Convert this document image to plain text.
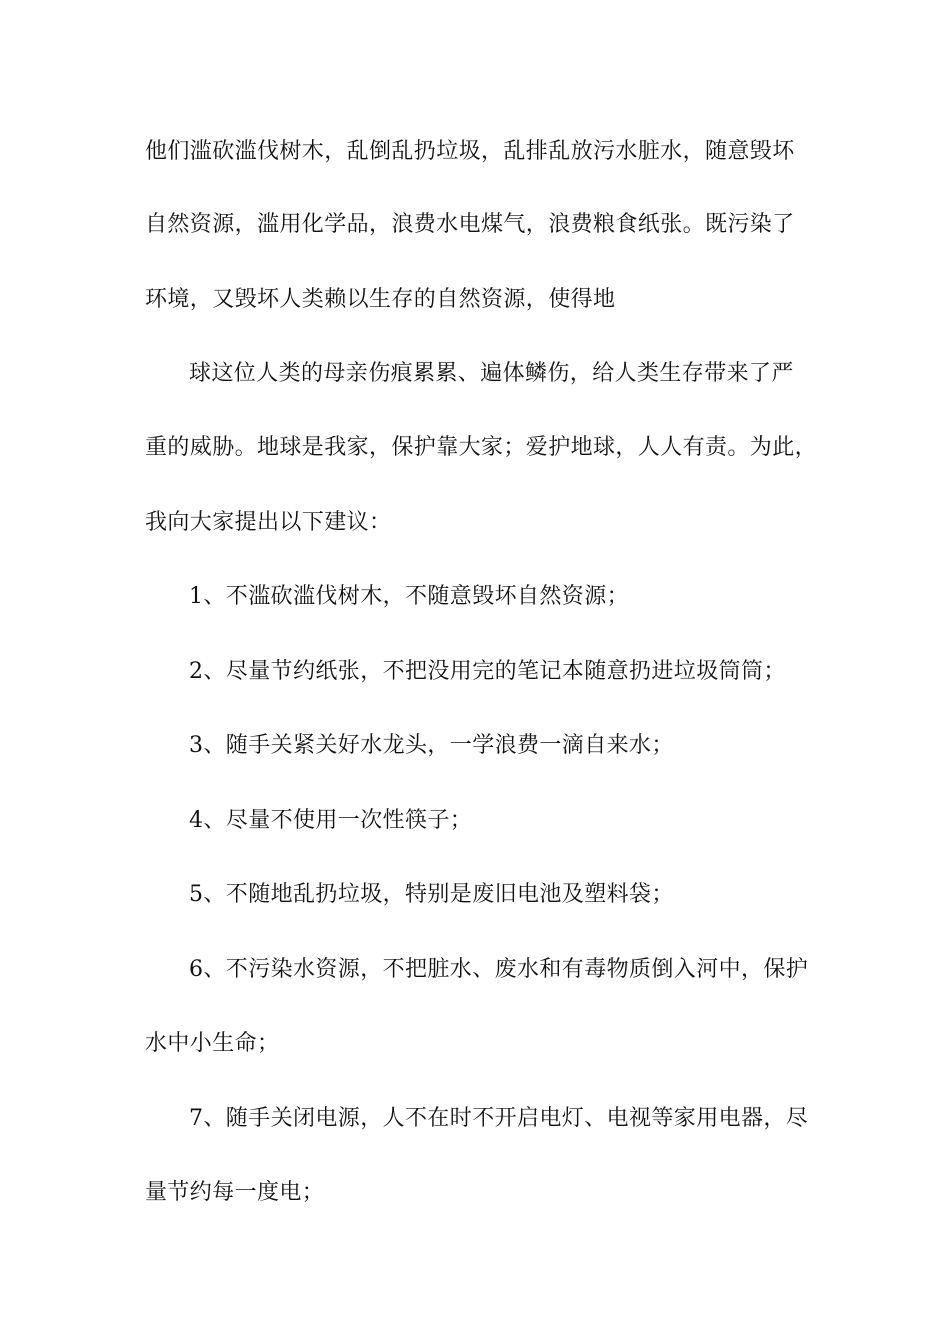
他们滥砍滥伐树木，乱倒乱扔垃圾，乱排乱放污水脏水，随意毁坏
自然资源，滥用化学品，浪费水电煤气，浪费粮食纸张。既污染了
环境，又毁坏人类赖以生存的自然资源，使得地
球这位人类的母亲伤痕累累、遍体鳞伤，给人类生存带来了严
重的威胁。地球是我家，保护靠大家；爱护地球，人人有责。为此，
我向大家提出以下建议：
1、不滥砍滥伐树木，不随意毁坏自然资源；
2、尽量节约纸张，不把没用完的笔记本随意扔进垃圾筒筒；
3、随手关紧关好水龙头，一学浪费一滴自来水；
4、尽量不使用一次性筷子；
5、不随地乱扔垃圾，特别是废旧电池及塑料袋；
6、不污染水资源，不把脏水、废水和有毒物质倒入河中，保护
水中小生命；
7、随手关闭电源，人不在时不开启电灯、电视等家用电器，尽
量节约每一度电；
